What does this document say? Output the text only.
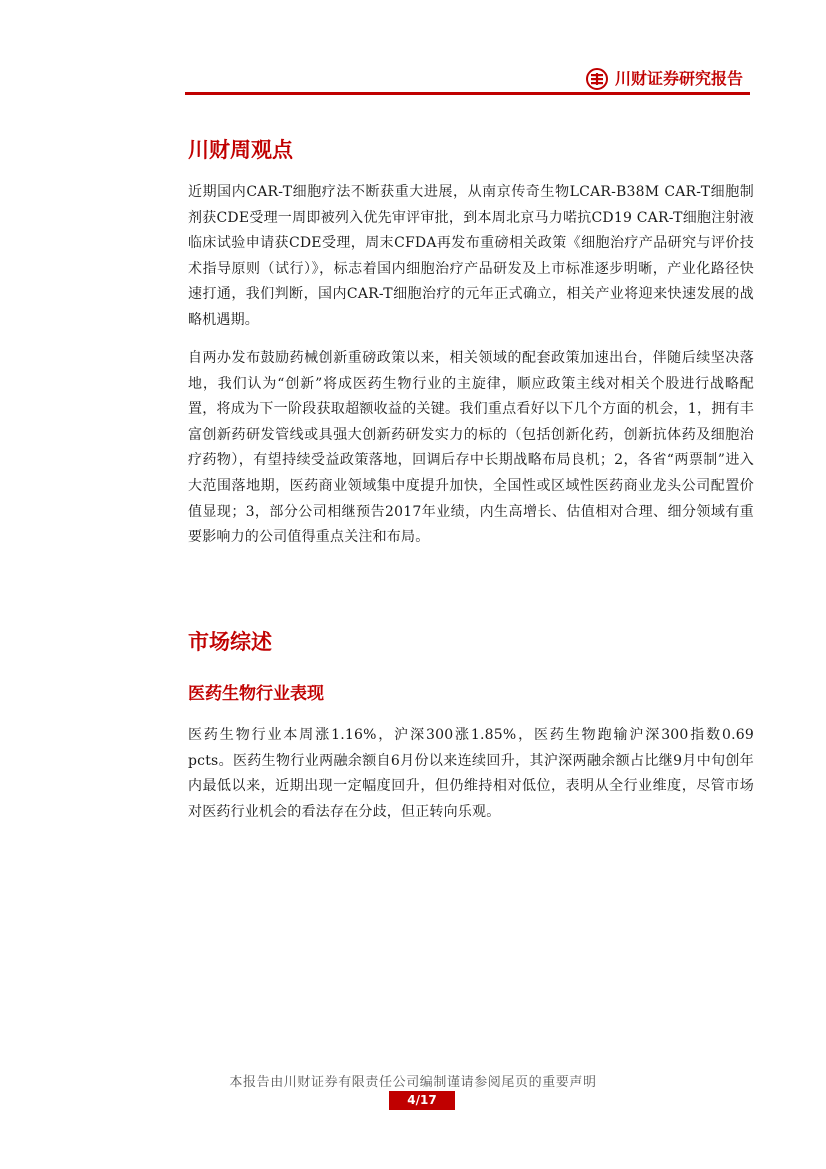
川财证券研究报告
川财周观点

近期国内CAR-T细胞疗法不断获重大进展，从南京传奇生物LCAR-B38M CAR-T细胞制剂获CDE受理一周即被列入优先审评审批，到本周北京马力喏抗CD19 CAR-T细胞注射液临床试验申请获CDE受理，周末CFDA再发布重磅相关政策《细胞治疗产品研究与评价技术指导原则（试行）》，标志着国内细胞治疗产品研发及上市标准逐步明晰，产业化路径快速打通，我们判断，国内CAR-T细胞治疗的元年正式确立，相关产业将迎来快速发展的战略机遇期。

自两办发布鼓励药械创新重磅政策以来，相关领域的配套政策加速出台，伴随后续坚决落地，我们认为“创新”将成医药生物行业的主旋律，顺应政策主线对相关个股进行战略配置，将成为下一阶段获取超额收益的关键。我们重点看好以下几个方面的机会，1，拥有丰富创新药研发管线或具强大创新药研发实力的标的（包括创新化药，创新抗体药及细胞治疗药物），有望持续受益政策落地，回调后存中长期战略布局良机；2，各省“两票制”进入大范围落地期，医药商业领域集中度提升加快，全国性或区域性医药商业龙头公司配置价值显现；3，部分公司相继预告2017年业绩，内生高增长、估值相对合理、细分领域有重要影响力的公司值得重点关注和布局。

市场综述
医药生物行业表现

医药生物行业本周涨1.16%，沪深300涨1.85%，医药生物跑输沪深300指数0.69 pcts。医药生物行业两融余额自6月份以来连续回升，其沪深两融余额占比继9月中旬创年内最低以来，近期出现一定幅度回升，但仍维持相对低位，表明从全行业维度，尽管市场对医药行业机会的看法存在分歧，但正转向乐观。

本报告由川财证券有限责任公司编制谨请参阅尾页的重要声明
4/17
